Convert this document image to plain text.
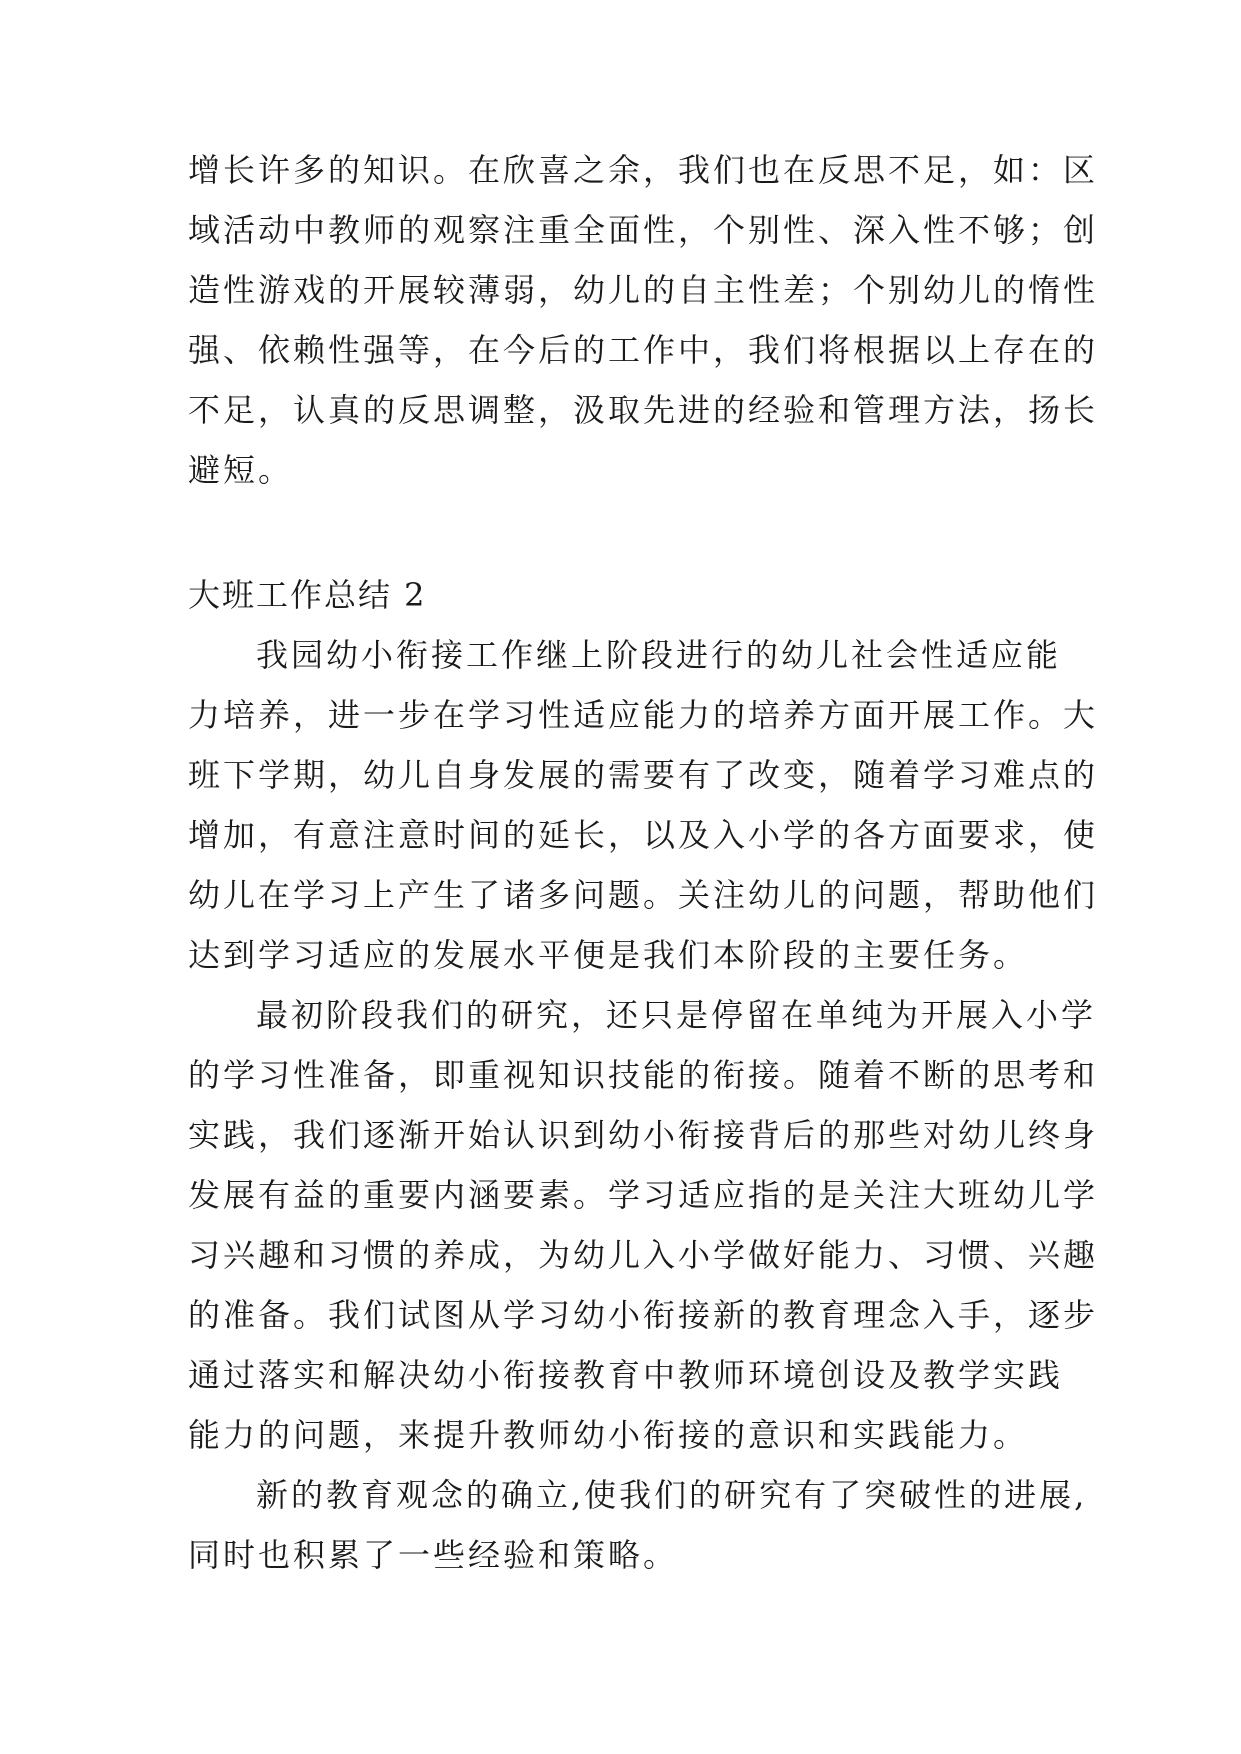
增长许多的知识。在欣喜之余，我们也在反思不足，如：区
域活动中教师的观察注重全面性，个别性、深入性不够；创
造性游戏的开展较薄弱，幼儿的自主性差；个别幼儿的惰性
强、依赖性强等，在今后的工作中，我们将根据以上存在的
不足，认真的反思调整，汲取先进的经验和管理方法，扬长
避短。
大班工作总结 2
我园幼小衔接工作继上阶段进行的幼儿社会性适应能
力培养，进一步在学习性适应能力的培养方面开展工作。大
班下学期，幼儿自身发展的需要有了改变，随着学习难点的
增加，有意注意时间的延长，以及入小学的各方面要求，使
幼儿在学习上产生了诸多问题。关注幼儿的问题，帮助他们
达到学习适应的发展水平便是我们本阶段的主要任务。
最初阶段我们的研究，还只是停留在单纯为开展入小学
的学习性准备，即重视知识技能的衔接。随着不断的思考和
实践，我们逐渐开始认识到幼小衔接背后的那些对幼儿终身
发展有益的重要内涵要素。学习适应指的是关注大班幼儿学
习兴趣和习惯的养成，为幼儿入小学做好能力、习惯、兴趣
的准备。我们试图从学习幼小衔接新的教育理念入手，逐步
通过落实和解决幼小衔接教育中教师环境创设及教学实践
能力的问题，来提升教师幼小衔接的意识和实践能力。
新的教育观念的确立,使我们的研究有了突破性的进展,
同时也积累了一些经验和策略。
